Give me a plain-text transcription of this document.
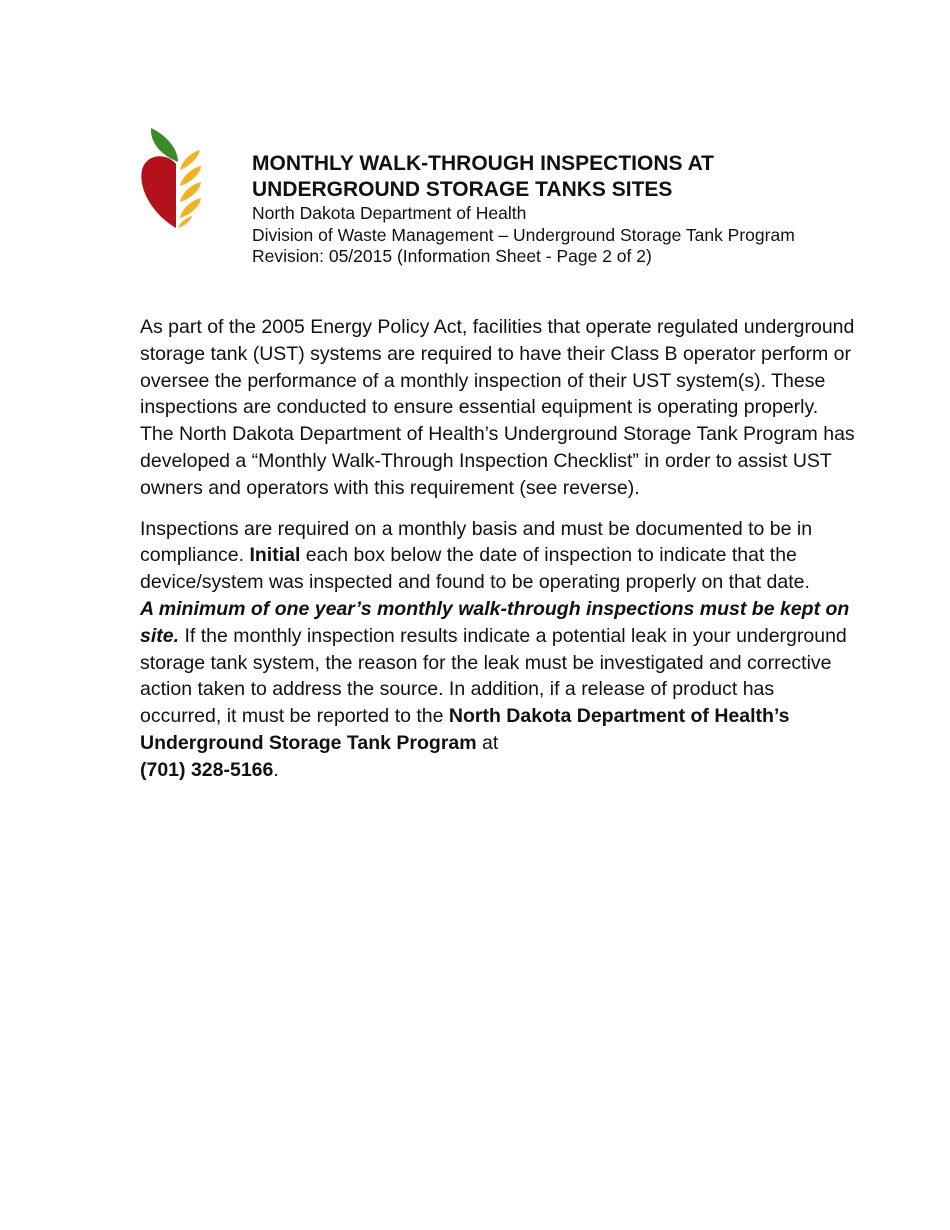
MONTHLY WALK-THROUGH INSPECTIONS AT

UNDERGROUND STORAGE TANKS SITES

North Dakota Department of Health

Division of Waste Management – Underground Storage Tank Program

Revision: 05/2015 (Information Sheet - Page 2 of 2)

As part of the 2005 Energy Policy Act, facilities that operate regulated underground storage tank (UST) systems are required to have their Class B operator perform or oversee the performance of a monthly inspection of their UST system(s). These inspections are conducted to ensure essential equipment is operating properly. The North Dakota Department of Health’s Underground Storage Tank Program has developed a “Monthly Walk-Through Inspection Checklist” in order to assist UST owners and operators with this requirement (see reverse).

Inspections are required on a monthly basis and must be documented to be in compliance. Initial each box below the date of inspection to indicate that the device/system was inspected and found to be operating properly on that date.
A minimum of one year’s monthly walk-through inspections must be kept on site. If the monthly inspection results indicate a potential leak in your underground storage tank system, the reason for the leak must be investigated and corrective action taken to address the source. In addition, if a release of product has occurred, it must be reported to the North Dakota Department of Health’s Underground Storage Tank Program at
(701) 328-5166.
